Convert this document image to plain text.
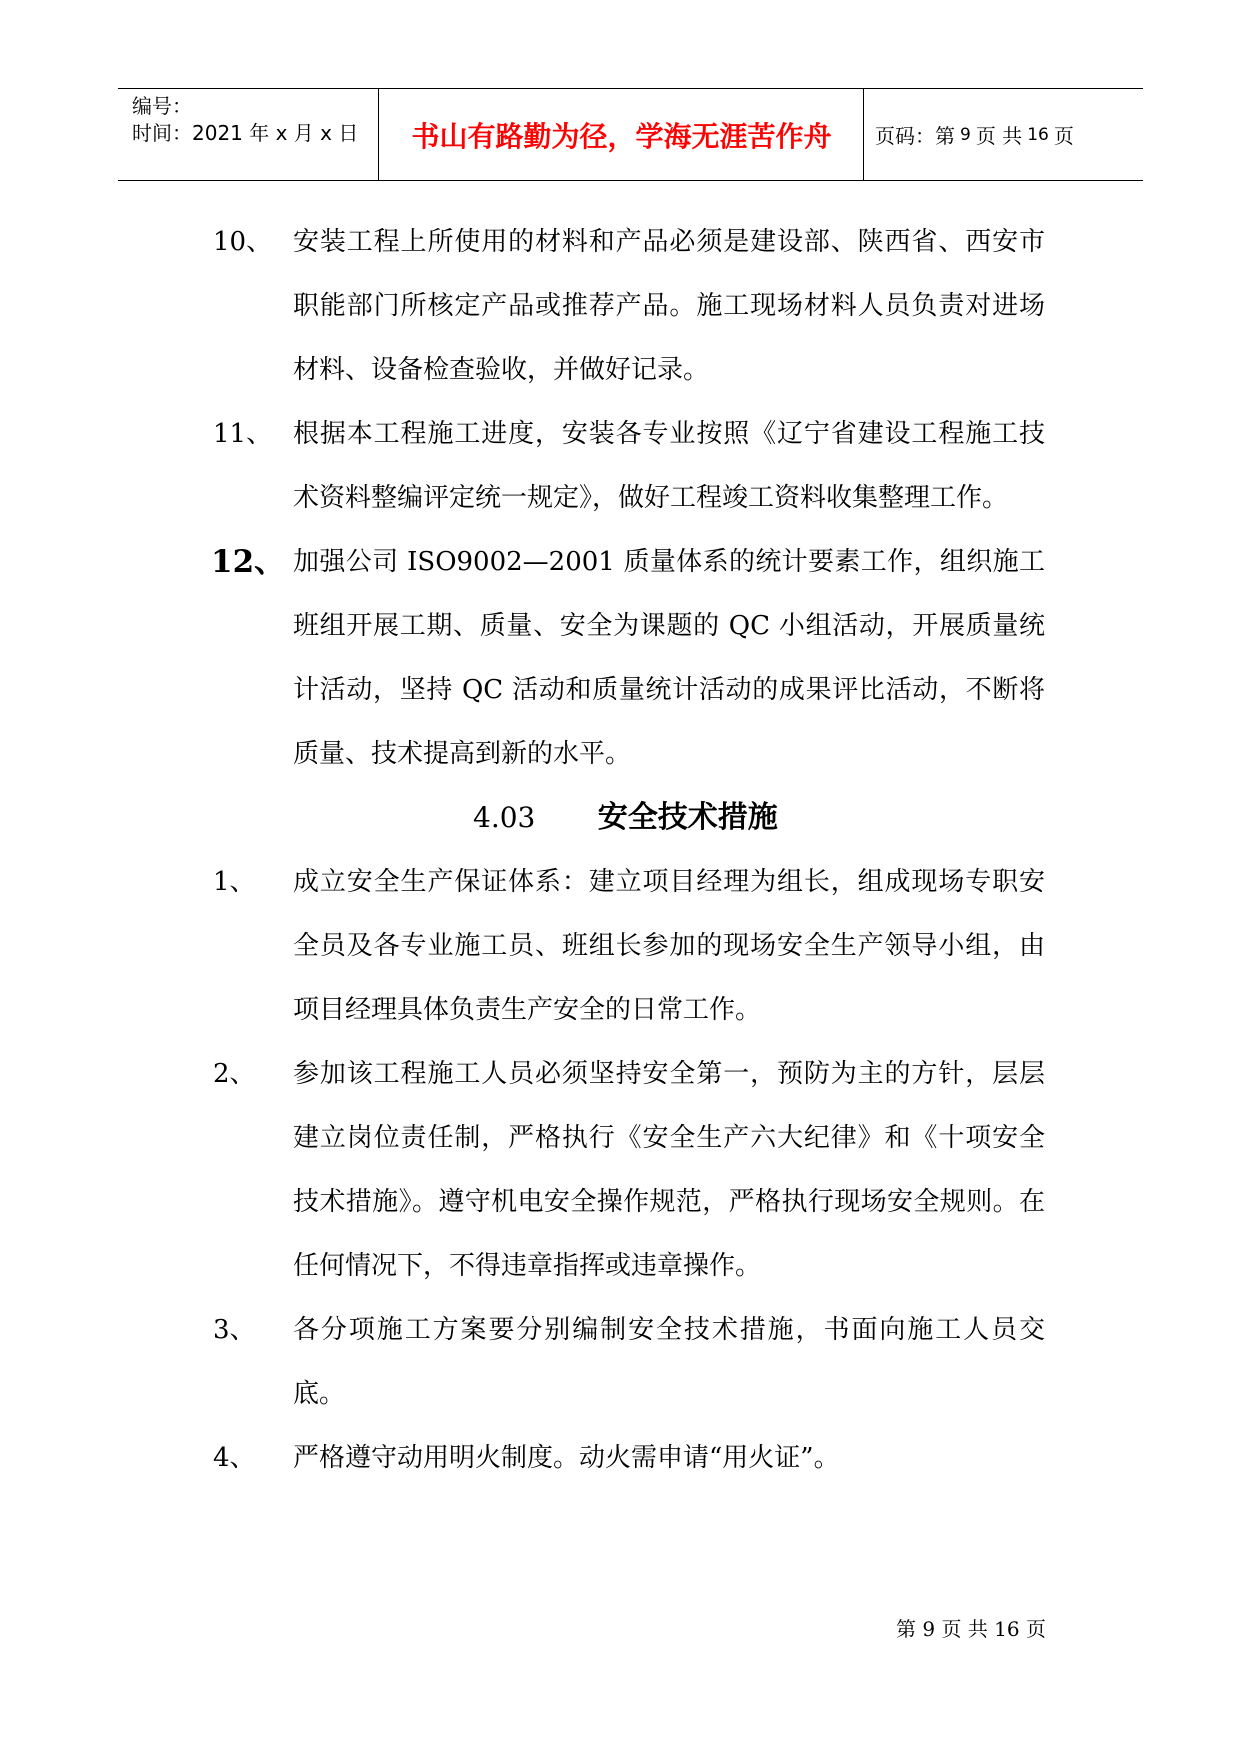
编号：
时间：2021 年 x 月 x 日	书山有路勤为径，学海无涯苦作舟	页码：第 9 页 共 16 页
10、 安装工程上所使用的材料和产品必须是建设部、陕西省、西安市职能部门所核定产品或推荐产品。施工现场材料人员负责对进场材料、设备检查验收，并做好记录。
11、 根据本工程施工进度，安装各专业按照《辽宁省建设工程施工技术资料整编评定统一规定》，做好工程竣工资料收集整理工作。
12、 加强公司 ISO9002—2001 质量体系的统计要素工作，组织施工班组开展工期、质量、安全为课题的 QC 小组活动，开展质量统计活动，坚持 QC 活动和质量统计活动的成果评比活动，不断将质量、技术提高到新的水平。
4.03 安全技术措施
1、	成立安全生产保证体系：建立项目经理为组长，组成现场专职安全员及各专业施工员、班组长参加的现场安全生产领导小组，由项目经理具体负责生产安全的日常工作。
2、	参加该工程施工人员必须坚持安全第一，预防为主的方针，层层建立岗位责任制，严格执行《安全生产六大纪律》和《十项安全技术措施》。遵守机电安全操作规范，严格执行现场安全规则。在任何情况下，不得违章指挥或违章操作。
3、	各分项施工方案要分别编制安全技术措施，书面向施工人员交底。
4、	严格遵守动用明火制度。动火需申请“用火证”。
第 9 页 共 16 页
